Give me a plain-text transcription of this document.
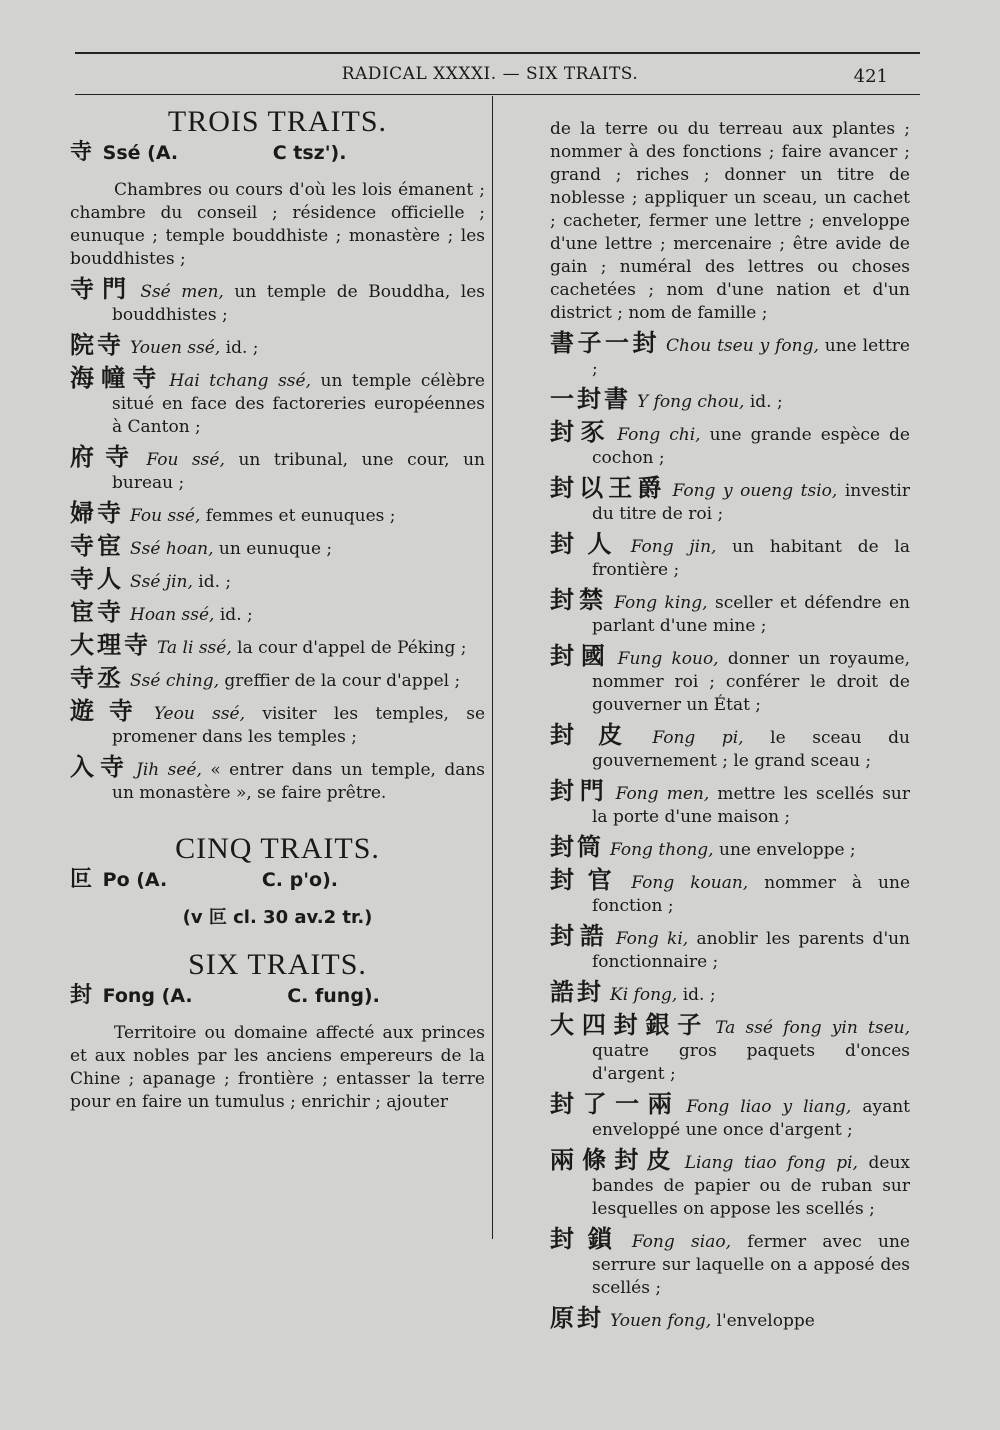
RADICAL XXXXI. — SIX TRAITS.	421
TROIS TRAITS.
寺 Ssé (A.	C tsz').

Chambres ou cours d'où les lois émanent ; chambre du conseil ; résidence officielle ; eunuque ; temple bouddhiste ; monastère ; les bouddhistes ;

寺門 Ssé men, un temple de Bouddha, les bouddhistes ;
院寺 Youen ssé, id. ;
海幢寺 Hai tchang ssé, un temple célèbre situé en face des factoreries européennes à Canton ;
府寺 Fou ssé, un tribunal, une cour, un bureau ;
婦寺 Fou ssé, femmes et eunuques ;
寺宦 Ssé hoan, un eunuque ;
寺人 Ssé jin, id. ;
宦寺 Hoan ssé, id. ;
大理寺 Ta li ssé, la cour d'appel de Péking ;
寺丞 Ssé ching, greffier de la cour d'appel ;
遊寺 Yeou ssé, visiter les temples, se promener dans les temples ;
入寺 Jih seé, « entrer dans un temple, dans un monastère », se faire prêtre.
CINQ TRAITS.
叵 Po (A.	C. p'o).
(v 叵 cl. 30 av.2 tr.)
SIX TRAITS.
封 Fong (A.	C. fung).

Territoire ou domaine affecté aux princes et aux nobles par les anciens empereurs de la Chine ; apanage ; frontière ; entasser la terre pour en faire un tumulus ; enrichir ; ajouter

de la terre ou du terreau aux plantes ; nommer à des fonctions ; faire avancer ; grand ; riches ; donner un titre de noblesse ; appliquer un sceau, un cachet ; cacheter, fermer une lettre ; enveloppe d'une lettre ; mercenaire ; être avide de gain ; numéral des lettres ou choses cachetées ; nom d'une nation et d'un district ; nom de famille ;

書子一封 Chou tseu y fong, une lettre ;
一封書 Y fong chou, id. ;
封豕 Fong chi, une grande espèce de cochon ;
封以王爵 Fong y oueng tsio, investir du titre de roi ;
封人 Fong jin, un habitant de la frontière ;
封禁 Fong king, sceller et défendre en parlant d'une mine ;
封國 Fung kouo, donner un royaume, nommer roi ; conférer le droit de gouverner un État ;
封皮 Fong pi, le sceau du gouvernement ; le grand sceau ;
封門 Fong men, mettre les scellés sur la porte d'une maison ;
封筒 Fong thong, une enveloppe ;
封官 Fong kouan, nommer à une fonction ;
封誥 Fong ki, anoblir les parents d'un fonctionnaire ;
誥封 Ki fong, id. ;
大四封銀子 Ta ssé fong yin tseu, quatre gros paquets d'onces d'argent ;
封了一兩 Fong liao y liang, ayant enveloppé une once d'argent ;
兩條封皮 Liang tiao fong pi, deux bandes de papier ou de ruban sur lesquelles on appose les scellés ;
封鎖 Fong siao, fermer avec une serrure sur laquelle on a apposé des scellés ;
原封 Youen fong, l'enveloppe
